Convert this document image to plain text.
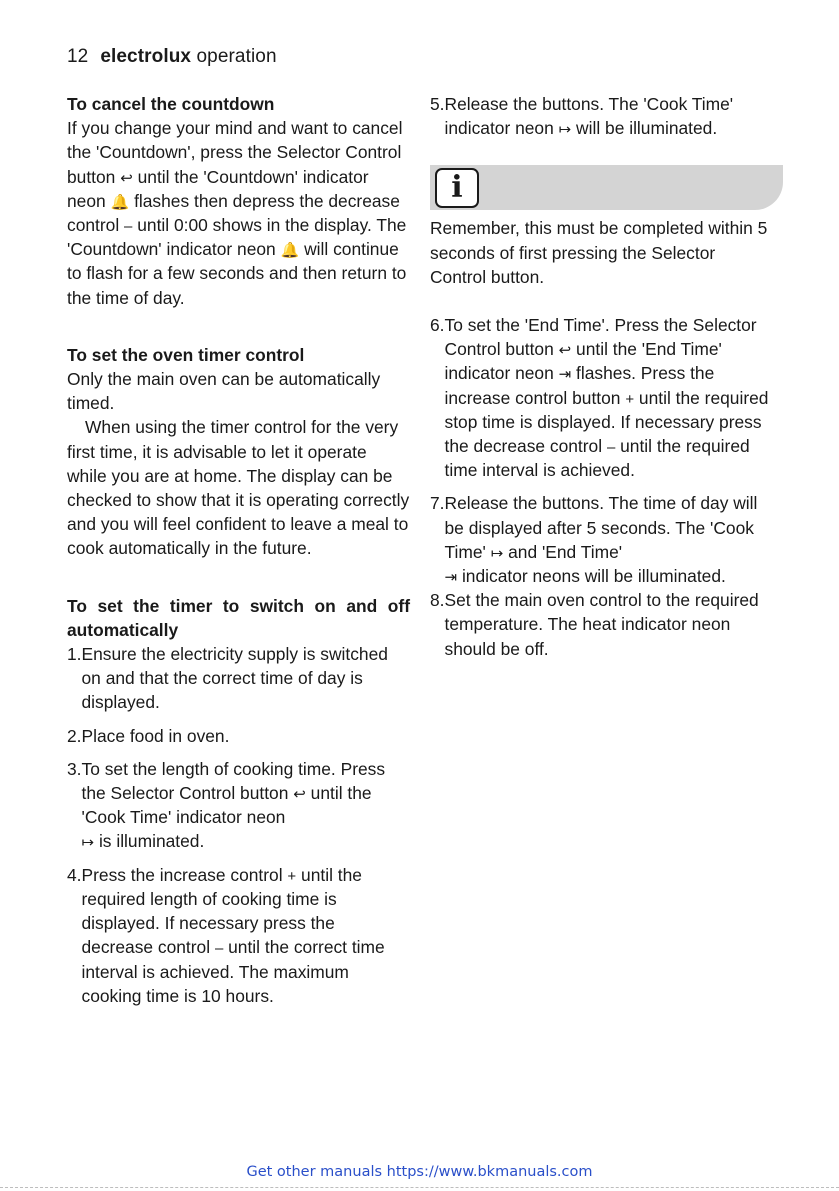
12 electrolux operation

To cancel the countdown

If you change your mind and want to cancel the 'Countdown', press the Selector Control button ↩ until the 'Countdown' indicator neon 🔔 flashes then depress the decrease control – until 0:00 shows in the display. The 'Countdown' indicator neon 🔔 will continue to flash for a few seconds and then return to the time of day.

To set the oven timer control

Only the main oven can be automatically timed.

When using the timer control for the very first time, it is advisable to let it operate while you are at home. The display can be checked to show that it is operating correctly and you will feel confident to leave a meal to cook automatically in the future.

To set the timer to switch on and off automatically

1. Ensure the electricity supply is switched on and that the correct time of day is displayed.
2. Place food in oven.
3. To set the length of cooking time. Press the Selector Control button ↩ until the 'Cook Time' indicator neon
↦ is illuminated.
4. Press the increase control + until the required length of cooking time is displayed. If necessary press the decrease control – until the correct time interval is achieved. The maximum cooking time is 10 hours.
5. Release the buttons. The 'Cook Time' indicator neon ↦ will be illuminated.
i

Remember, this must be completed within 5 seconds of first pressing the Selector Control button.

6. To set the 'End Time'. Press the Selector Control button ↩ until the 'End Time' indicator neon ⇥ flashes. Press the increase control button + until the required stop time is displayed. If necessary press the decrease control – until the required time interval is achieved.
7. Release the buttons. The time of day will be displayed after 5 seconds. The 'Cook Time' ↦ and 'End Time'
⇥ indicator neons will be illuminated.
8. Set the main oven control to the required temperature. The heat indicator neon should be off.
Get other manuals https://www.bkmanuals.com
